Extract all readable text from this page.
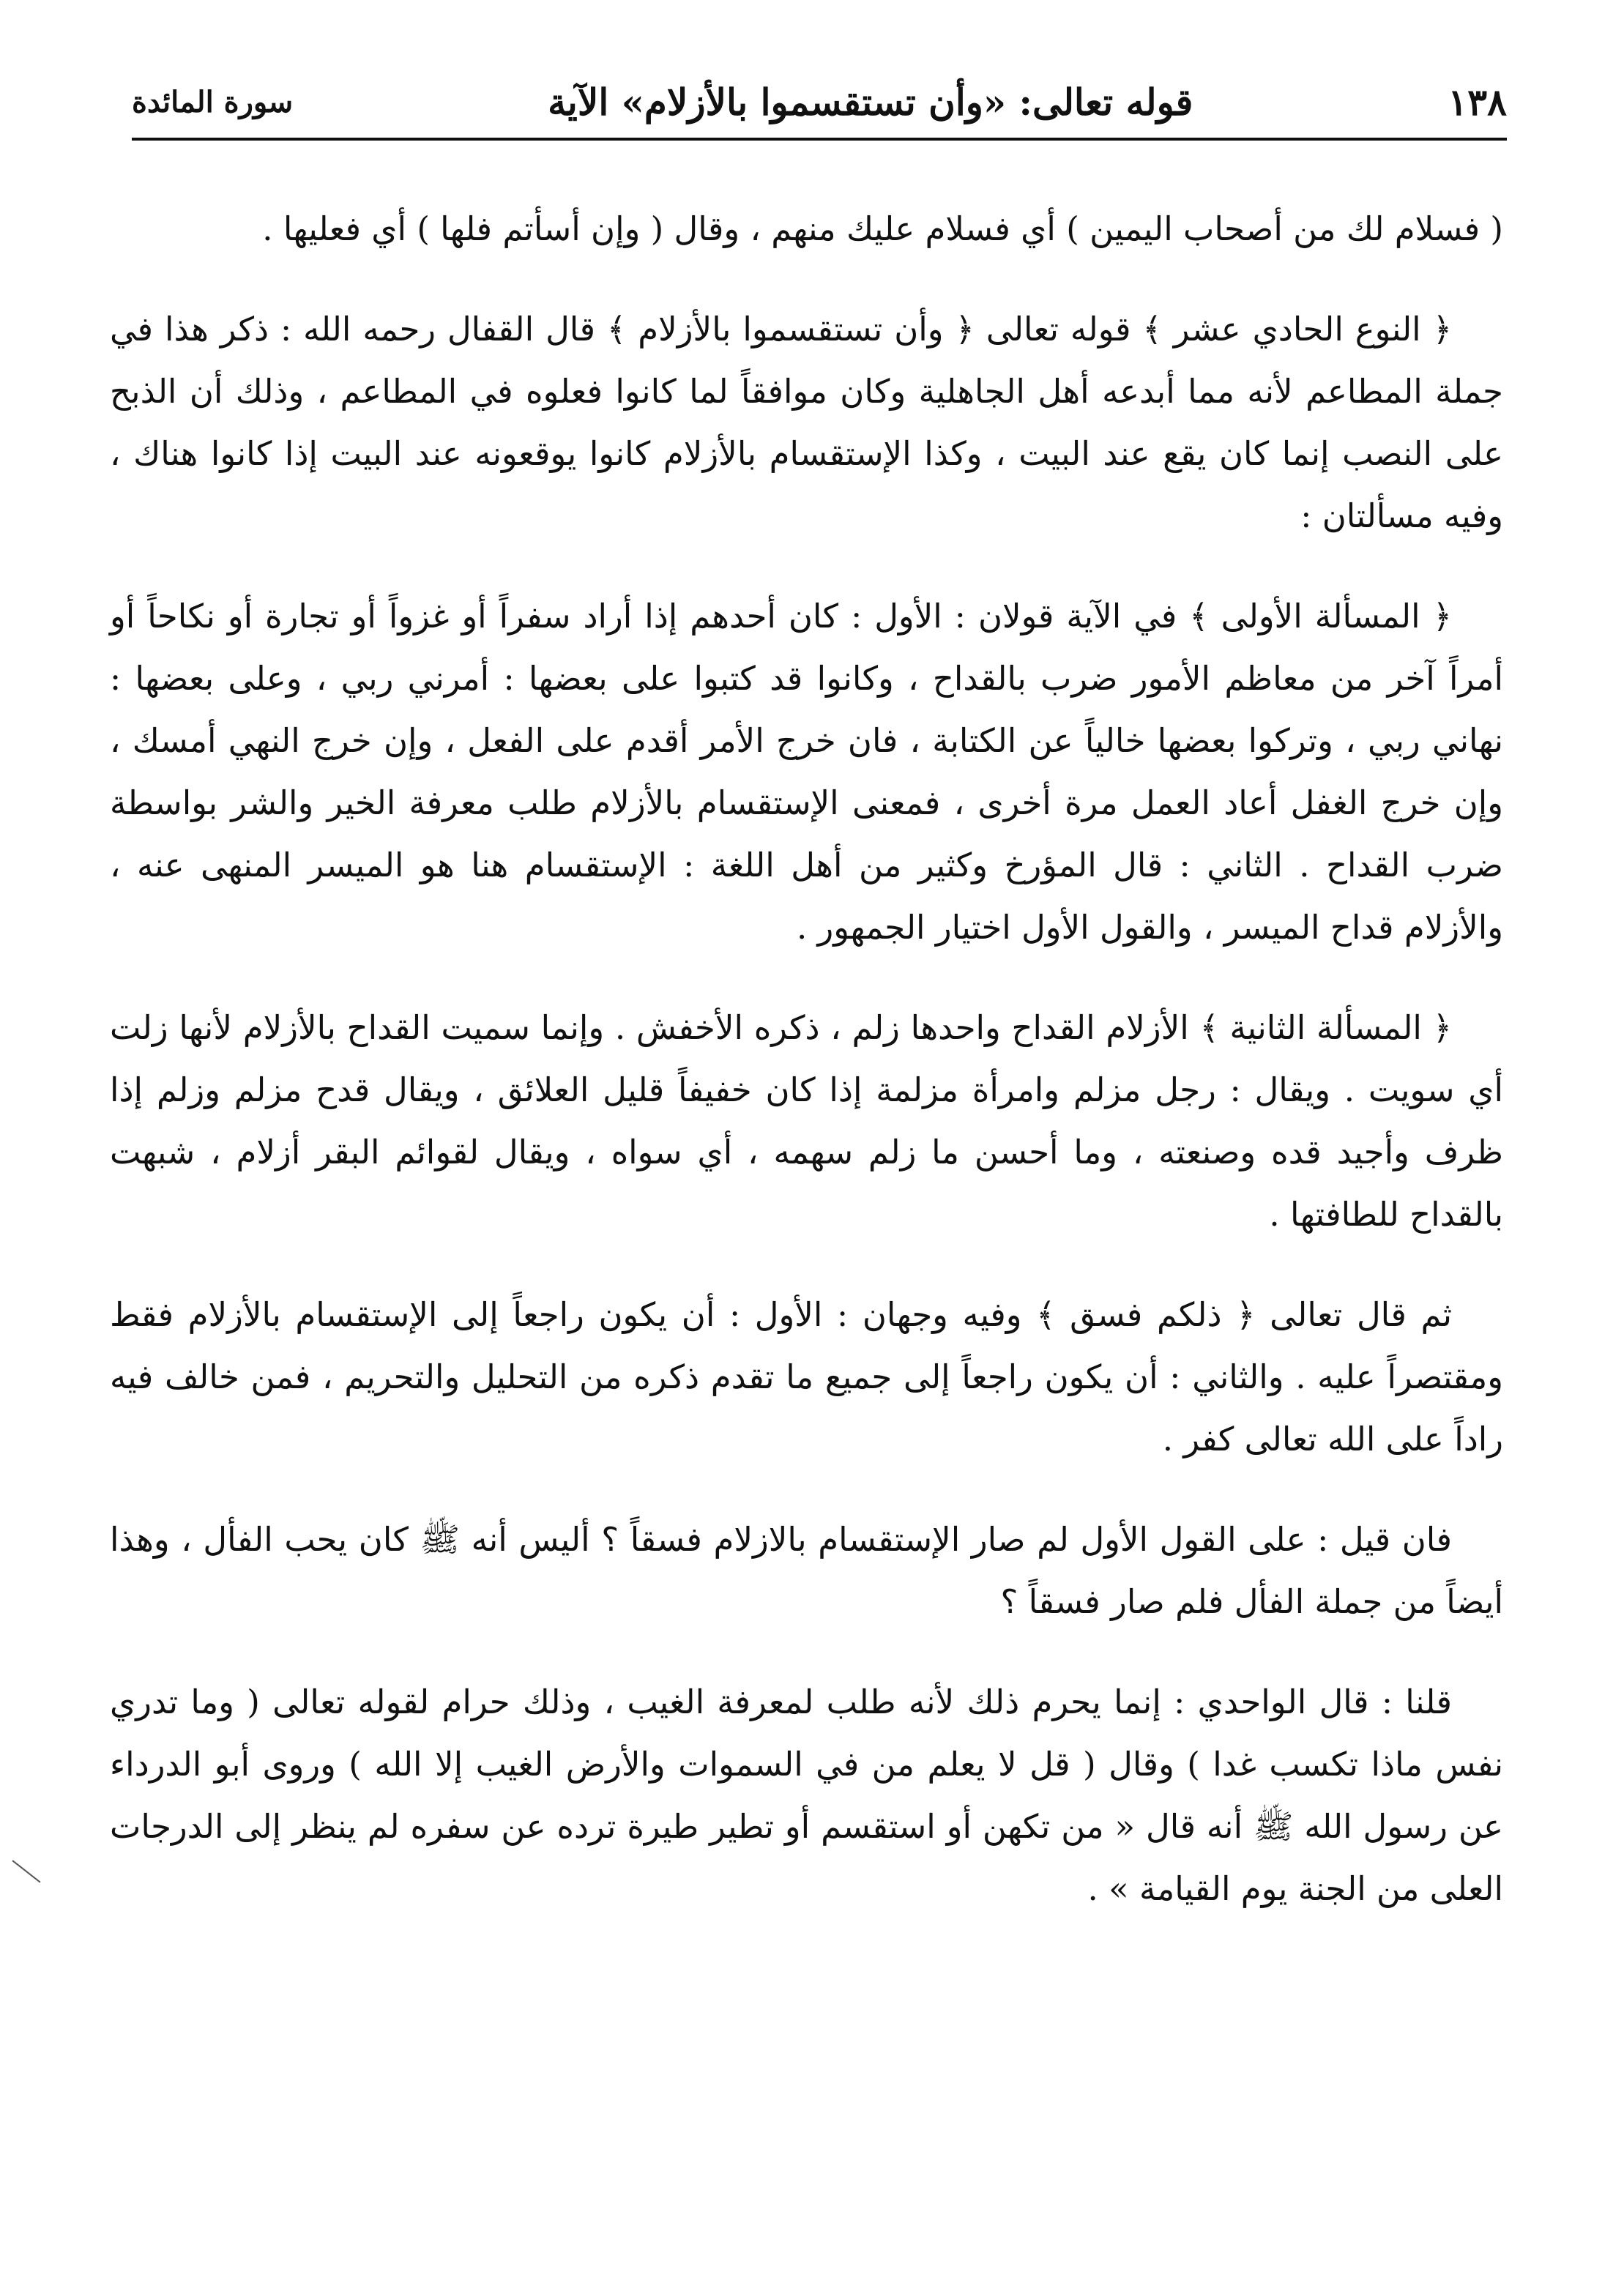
١٣٨
قوله تعالى: «وأن تستقسموا بالأزلام» الآية
سورة المائدة

( فسلام لك من أصحاب اليمين ) أي فسلام عليك منهم ، وقال ( وإن أسأتم فلها ) أي فعليها .

﴿ النوع الحادي عشر ﴾ قوله تعالى ﴿ وأن تستقسموا بالأزلام ﴾ قال القفال رحمه الله : ذكر هذا في جملة المطاعم لأنه مما أبدعه أهل الجاهلية وكان موافقاً لما كانوا فعلوه في المطاعم ، وذلك أن الذبح على النصب إنما كان يقع عند البيت ، وكذا الإستقسام بالأزلام كانوا يوقعونه عند البيت إذا كانوا هناك ، وفيه مسألتان :

﴿ المسألة الأولى ﴾ في الآية قولان : الأول : كان أحدهم إذا أراد سفراً أو غزواً أو تجارة أو نكاحاً أو أمراً آخر من معاظم الأمور ضرب بالقداح ، وكانوا قد كتبوا على بعضها : أمرني ربي ، وعلى بعضها : نهاني ربي ، وتركوا بعضها خالياً عن الكتابة ، فان خرج الأمر أقدم على الفعل ، وإن خرج النهي أمسك ، وإن خرج الغفل أعاد العمل مرة أخرى ، فمعنى الإستقسام بالأزلام طلب معرفة الخير والشر بواسطة ضرب القداح . الثاني : قال المؤرخ وكثير من أهل اللغة : الإستقسام هنا هو الميسر المنهى عنه ، والأزلام قداح الميسر ، والقول الأول اختيار الجمهور .

﴿ المسألة الثانية ﴾ الأزلام القداح واحدها زلم ، ذكره الأخفش . وإنما سميت القداح بالأزلام لأنها زلت أي سويت . ويقال : رجل مزلم وامرأة مزلمة إذا كان خفيفاً قليل العلائق ، ويقال قدح مزلم وزلم إذا ظرف وأجيد قده وصنعته ، وما أحسن ما زلم سهمه ، أي سواه ، ويقال لقوائم البقر أزلام ، شبهت بالقداح للطافتها .

ثم قال تعالى ﴿ ذلكم فسق ﴾ وفيه وجهان : الأول : أن يكون راجعاً إلى الإستقسام بالأزلام فقط ومقتصراً عليه . والثاني : أن يكون راجعاً إلى جميع ما تقدم ذكره من التحليل والتحريم ، فمن خالف فيه راداً على الله تعالى كفر .

فان قيل : على القول الأول لم صار الإستقسام بالازلام فسقاً ؟ أليس أنه ﷺ كان يحب الفأل ، وهذا أيضاً من جملة الفأل فلم صار فسقاً ؟

قلنا : قال الواحدي : إنما يحرم ذلك لأنه طلب لمعرفة الغيب ، وذلك حرام لقوله تعالى ( وما تدري نفس ماذا تكسب غدا ) وقال ( قل لا يعلم من في السموات والأرض الغيب إلا الله ) وروى أبو الدرداء عن رسول الله ﷺ أنه قال « من تكهن أو استقسم أو تطير طيرة ترده عن سفره لم ينظر إلى الدرجات العلى من الجنة يوم القيامة » .
